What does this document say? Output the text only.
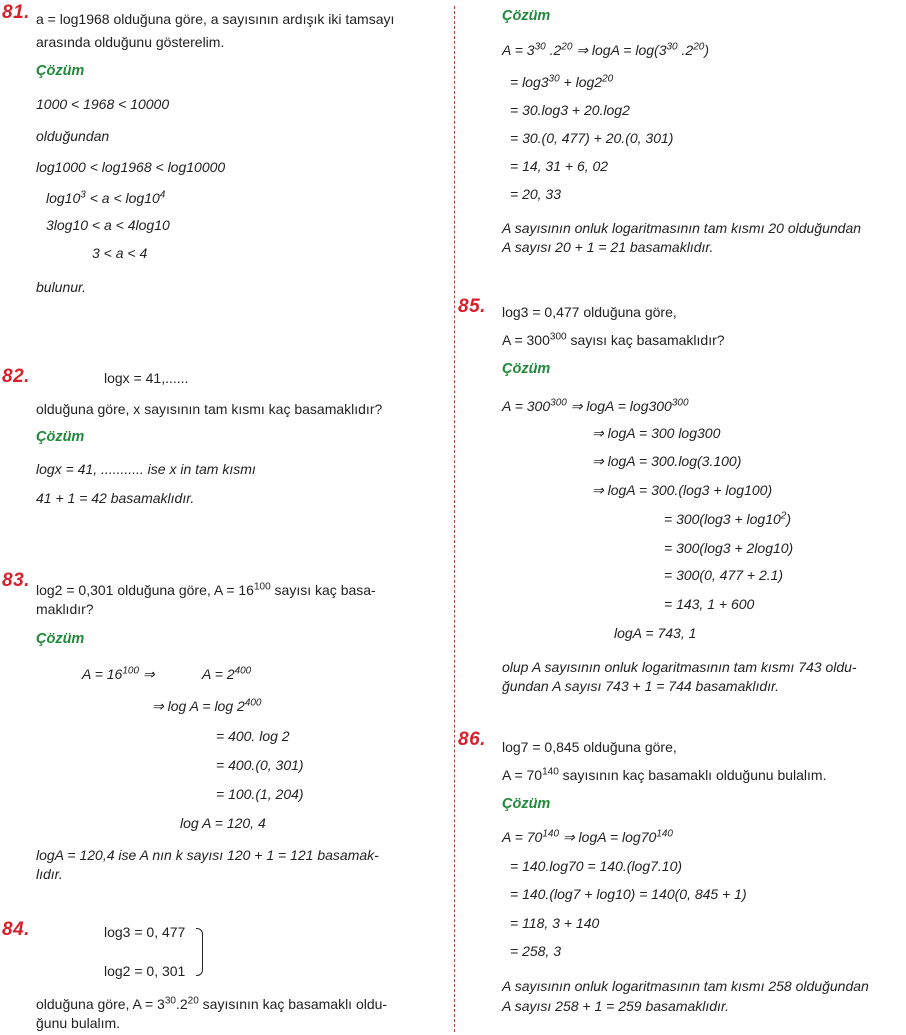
81. a = log1968 olduğuna göre, a sayısının ardışık iki tamsayı
arasında olduğunu gösterelim.
Çözüm
1000 < 1968 < 10000
olduğundan
log1000 < log1968 < log10000
$\log 10^3 < a < \log 10^4$
3log10 < a < 4log10
3 < a < 4
bulunur.
82.	logx = 41,......
olduğuna göre, x sayısının tam kısmı kaç basamaklıdır?
Çözüm
logx = 41, ........... ise x in tam kısmı
41 + 1 = 42 basamaklıdır.
83. log2 = 0,301 olduğuna göre, $A = 16^{100}$ sayısı kaç basa-
maklıdır?
Çözüm
$A = 16^{100}$ ⇒	$A = 2^{400}$
⇒ $\log A = \log 2^{400}$
= 400. log 2
= 400.(0, 301)
= 100.(1, 204)
log A = 120, 4
logA = 120,4 ise A nın k sayısı 120 + 1 = 121 basamak-
lıdır.
84.	log3 = 0, 477
log2 = 0, 301
olduğuna göre, $A = 3^{30}.2^{20}$ sayısının kaç basamaklı oldu-
ğunu bulalım.
Çözüm
$A = 3^{30}$ $.2^{20}$ ⇒ $\log A = \log(3^{30}$ $.2^{20}$)
= $\log 3^{30} + \log 2^{20}$
= 30.log3 + 20.log2
= 30.(0, 477) + 20.(0, 301)
= 14, 31 + 6, 02
= 20, 33
A sayısının onluk logaritmasının tam kısmı 20 olduğundan
A sayısı 20 + 1 = 21 basamaklıdır.
85. log3 = 0,477 olduğuna göre,
$A = 300^{300}$ sayısı kaç basamaklıdır?
Çözüm
$A = 300^{300}$ ⇒ $\log A = \log 300^{300}$
⇒ logA = 300 log300
⇒ logA = 300.log(3.100)
⇒ logA = 300.(log3 + log100)
= $300(\log 3 + \log 10^2)$
= 300(log3 + 2log10)
= 300(0, 477 + 2.1)
= 143, 1 + 600
logA = 743, 1
olup A sayısının onluk logaritmasının tam kısmı 743 oldu-
ğundan A sayısı 743 + 1 = 744 basamaklıdır.
86. log7 = 0,845 olduğuna göre,
$A = 70^{140}$ sayısının kaç basamaklı olduğunu bulalım.
Çözüm
$A = 70^{140}$ ⇒ $\log A = \log 70^{140}$
= 140.log70 = 140.(log7.10)
= 140.(log7 + log10) = 140(0, 845 + 1)
= 118, 3 + 140
= 258, 3
A sayısının onluk logaritmasının tam kısmı 258 olduğundan
A sayısı 258 + 1 = 259 basamaklıdır.
